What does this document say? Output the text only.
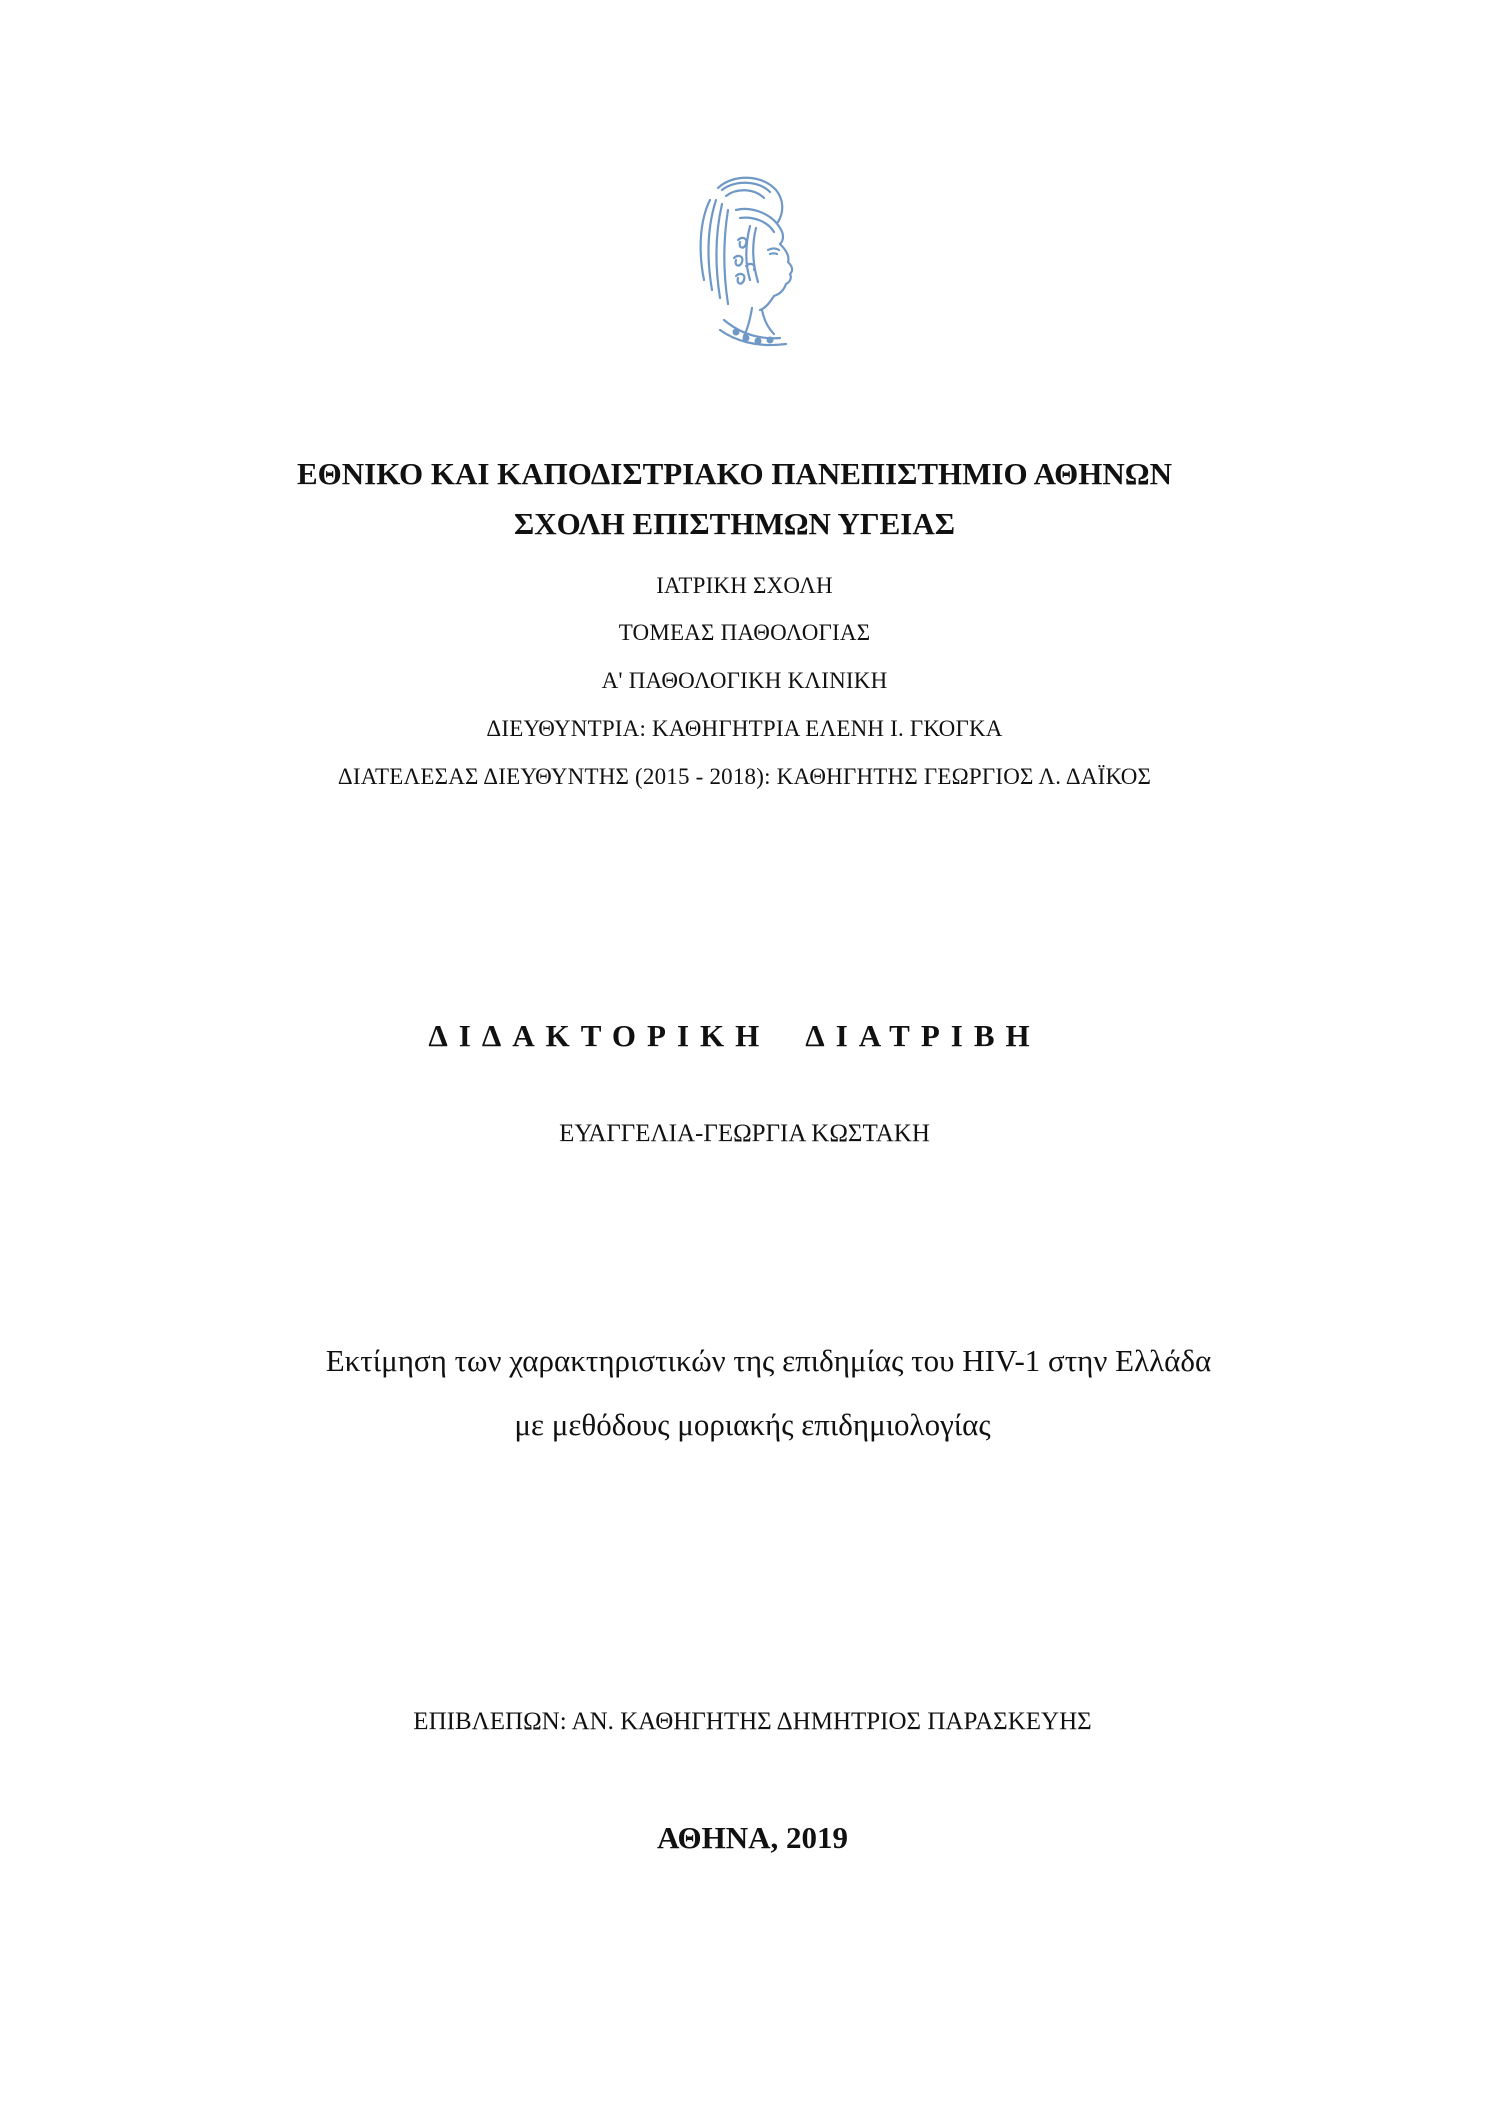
ΕΘΝΙΚΟ ΚΑΙ ΚΑΠΟΔΙΣΤΡΙΑΚΟ ΠΑΝΕΠΙΣΤΗΜΙΟ ΑΘΗΝΩΝ
ΣΧΟΛΗ ΕΠΙΣΤΗΜΩΝ ΥΓΕΙΑΣ
ΙΑΤΡΙΚΗ ΣΧΟΛΗ
ΤΟΜΕΑΣ ΠΑΘΟΛΟΓΙΑΣ
Α' ΠΑΘΟΛΟΓΙΚΗ ΚΛΙΝΙΚΗ
ΔΙΕΥΘΥΝΤΡΙΑ: ΚΑΘΗΓΗΤΡΙΑ ΕΛΕΝΗ Ι. ΓΚΟΓΚΑ
ΔΙΑΤΕΛΕΣΑΣ ΔΙΕΥΘΥΝΤΗΣ (2015 - 2018): ΚΑΘΗΓΗΤΗΣ ΓΕΩΡΓΙΟΣ Λ. ΔΑΪΚΟΣ
ΔΙΔΑΚΤΟΡΙΚΗ ΔΙΑΤΡΙΒΗ
ΕΥΑΓΓΕΛΙΑ-ΓΕΩΡΓΙΑ ΚΩΣΤΑΚΗ
Εκτίμηση των χαρακτηριστικών της επιδημίας του HIV-1 στην Ελλάδα
με μεθόδους μοριακής επιδημιολογίας
ΕΠΙΒΛΕΠΩΝ: ΑΝ. ΚΑΘΗΓΗΤΗΣ ΔΗΜΗΤΡΙΟΣ ΠΑΡΑΣΚΕΥΗΣ
ΑΘΗΝΑ, 2019
